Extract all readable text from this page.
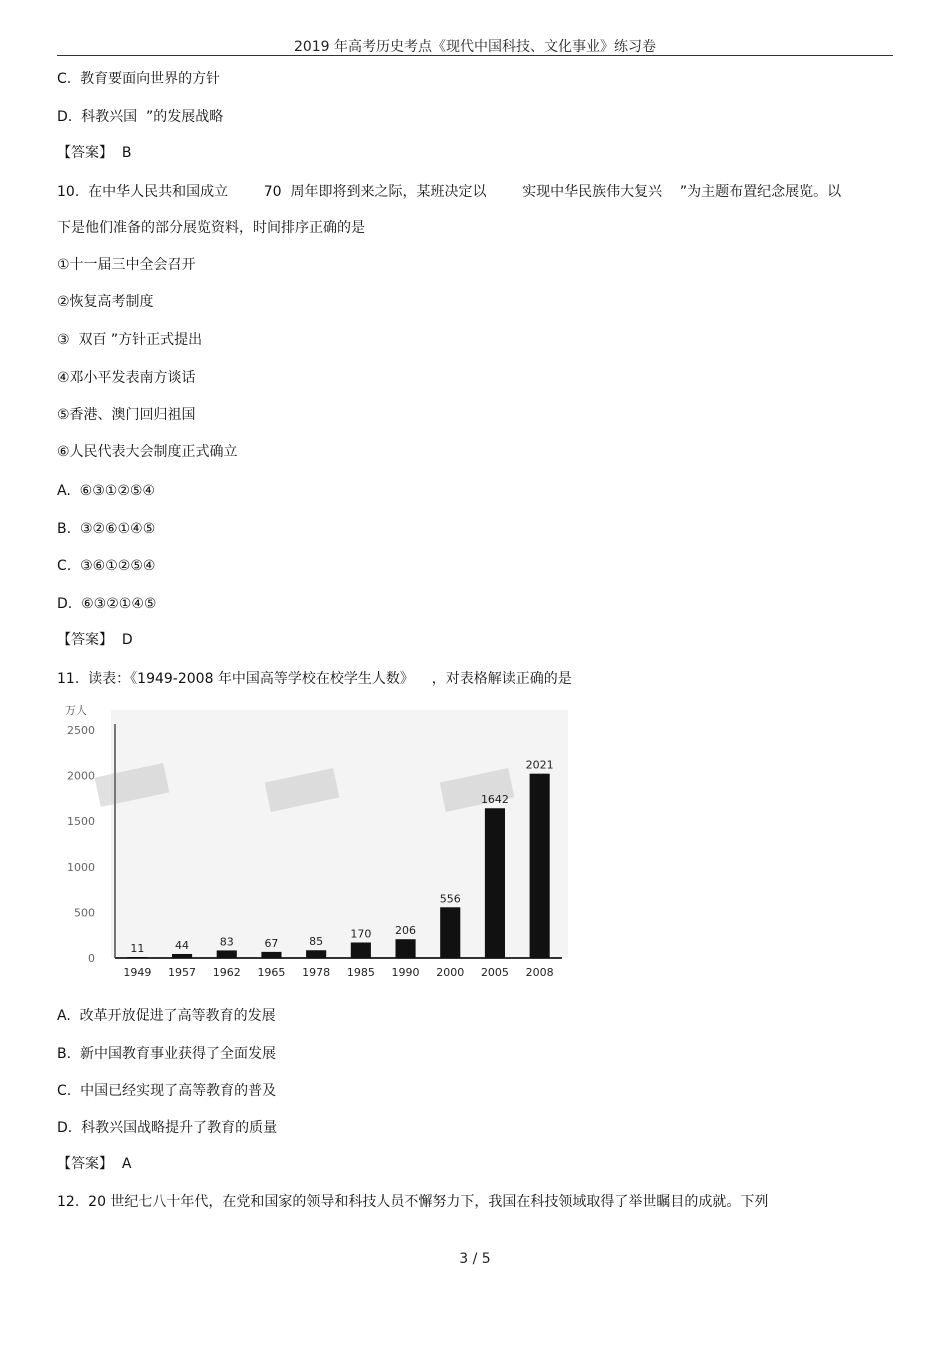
2019 年高考历史考点《现代中国科技、文化事业》练习卷
C.  教育要面向世界的方针
D.  科教兴国  ”的发展战略
【答案】  B
10.  在中华人民共和国成立        70  周年即将到来之际，某班决定以        实现中华民族伟大复兴    ”为主题布置纪念展览。以
下是他们准备的部分展览资料，时间排序正确的是
①十一届三中全会召开
②恢复高考制度
③  双百 ”方针正式提出
④邓小平发表南方谈话
⑤香港、澳门回归祖国
⑥人民代表大会制度正式确立
A.  ⑥③①②⑤④
B.  ③②⑥①④⑤
C.  ③⑥①②⑤④
D.  ⑥③②①④⑤
【答案】  D
11.  读表：《1949-2008 年中国高等学校在校学生人数》    ，对表格解读正确的是
A.  改革开放促进了高等教育的发展
B.  新中国教育事业获得了全面发展
C.  中国已经实现了高等教育的普及
D.  科教兴国战略提升了教育的质量
【答案】  A
12.  20 世纪七八十年代，在党和国家的领导和科技人员不懈努力下，我国在科技领域取得了举世瞩目的成就。下列
万人
0
500
1000
1500
2000
2500
11
1949
44
1957
83
1962
67
1965
85
1978
170
1985
206
1990
556
2000
1642
2005
2021
2008
3 / 5
